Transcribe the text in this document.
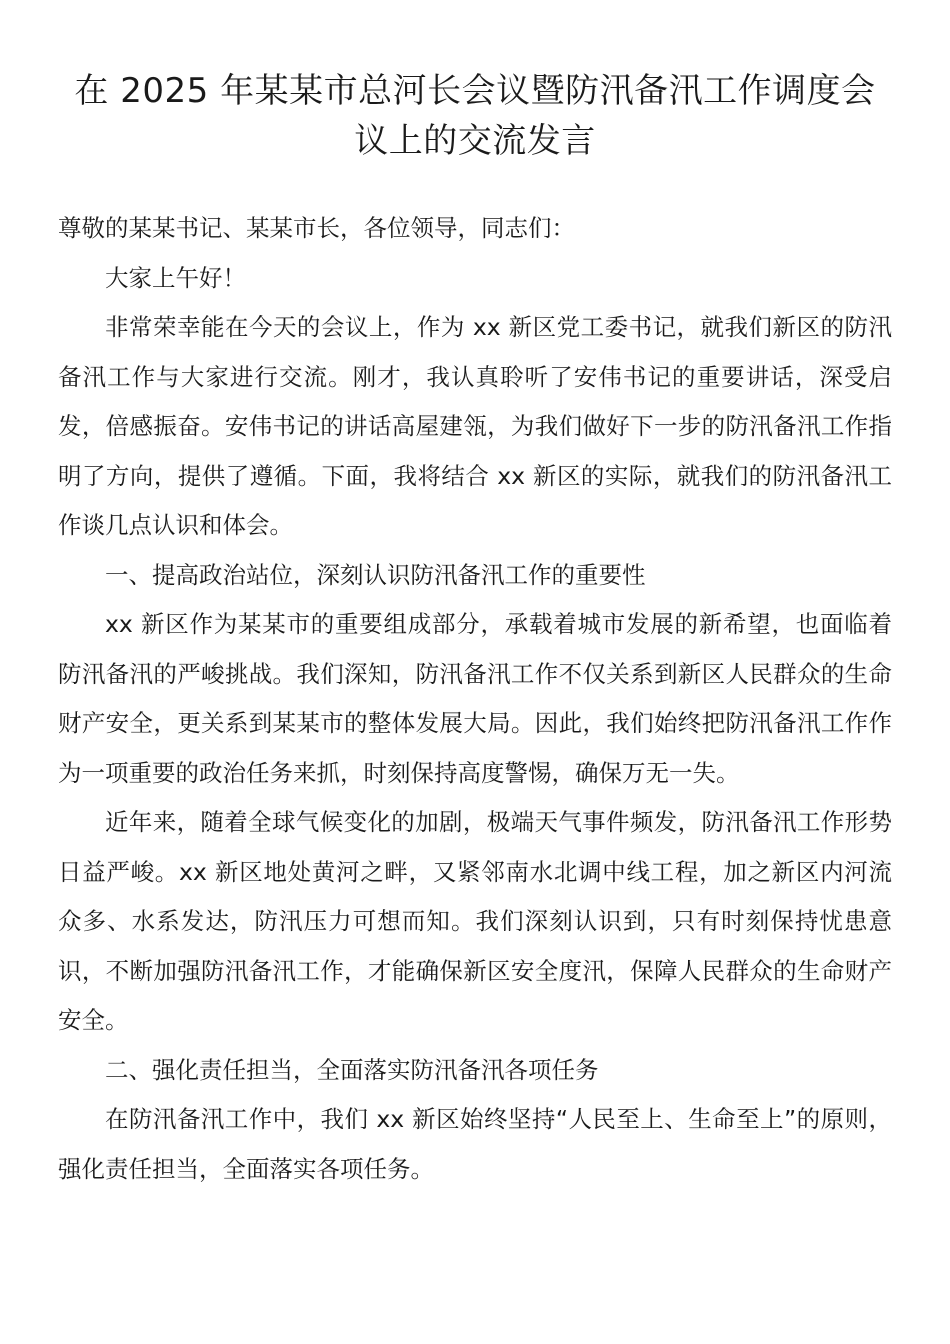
在 2025 年某某市总河长会议暨防汛备汛工作调度会
议上的交流发言

尊敬的某某书记、某某市长，各位领导，同志们：

大家上午好！

非常荣幸能在今天的会议上，作为 xx 新区党工委书记，就我们新区的防汛备汛工作与大家进行交流。刚才，我认真聆听了安伟书记的重要讲话，深受启发，倍感振奋。安伟书记的讲话高屋建瓴，为我们做好下一步的防汛备汛工作指明了方向，提供了遵循。下面，我将结合 xx 新区的实际，就我们的防汛备汛工作谈几点认识和体会。

一、提高政治站位，深刻认识防汛备汛工作的重要性

xx 新区作为某某市的重要组成部分，承载着城市发展的新希望，也面临着防汛备汛的严峻挑战。我们深知，防汛备汛工作不仅关系到新区人民群众的生命财产安全，更关系到某某市的整体发展大局。因此，我们始终把防汛备汛工作作为一项重要的政治任务来抓，时刻保持高度警惕，确保万无一失。

近年来，随着全球气候变化的加剧，极端天气事件频发，防汛备汛工作形势日益严峻。xx 新区地处黄河之畔，又紧邻南水北调中线工程，加之新区内河流众多、水系发达，防汛压力可想而知。我们深刻认识到，只有时刻保持忧患意识，不断加强防汛备汛工作，才能确保新区安全度汛，保障人民群众的生命财产安全。

二、强化责任担当，全面落实防汛备汛各项任务

在防汛备汛工作中，我们 xx 新区始终坚持“人民至上、生命至上”的原则，强化责任担当，全面落实各项任务。
